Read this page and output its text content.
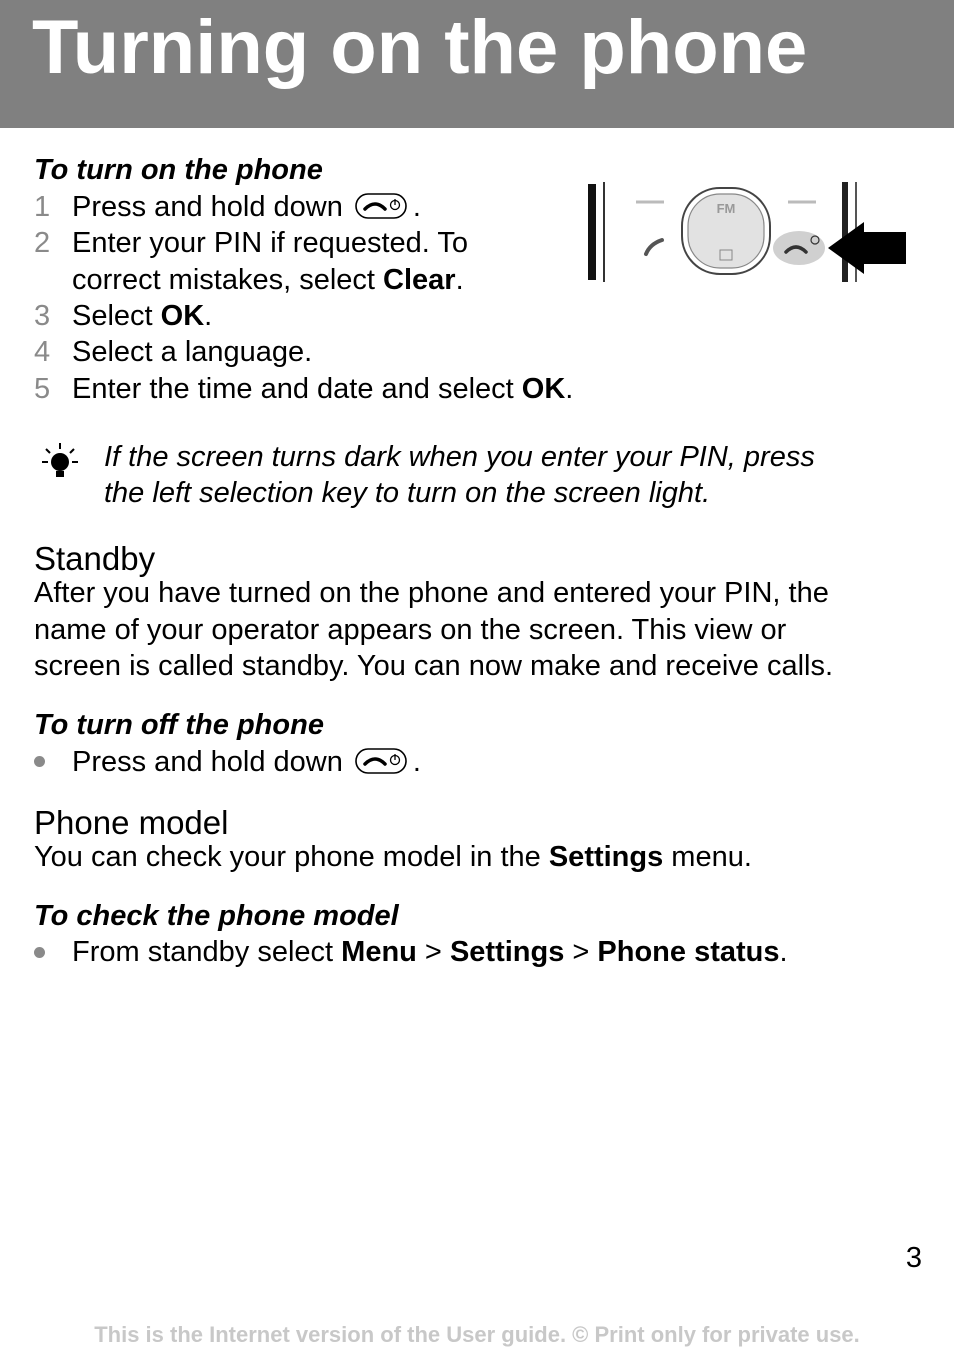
Turning on the phone
To turn on the phone
1 Press and hold down .
2 Enter your PIN if requested. To
correct mistakes, select Clear.
3 Select OK.
4 Select a language.
5 Enter the time and date and select OK.
FM
If the screen turns dark when you enter your PIN, press
the left selection key to turn on the screen light.
Standby
After you have turned on the phone and entered your PIN, the
name of your operator appears on the screen. This view or
screen is called standby. You can now make and receive calls.
To turn off the phone
Press and hold down .
Phone model
You can check your phone model in the Settings menu.
To check the phone model
From standby select Menu > Settings > Phone status.
3
This is the Internet version of the User guide. © Print only for private use.
